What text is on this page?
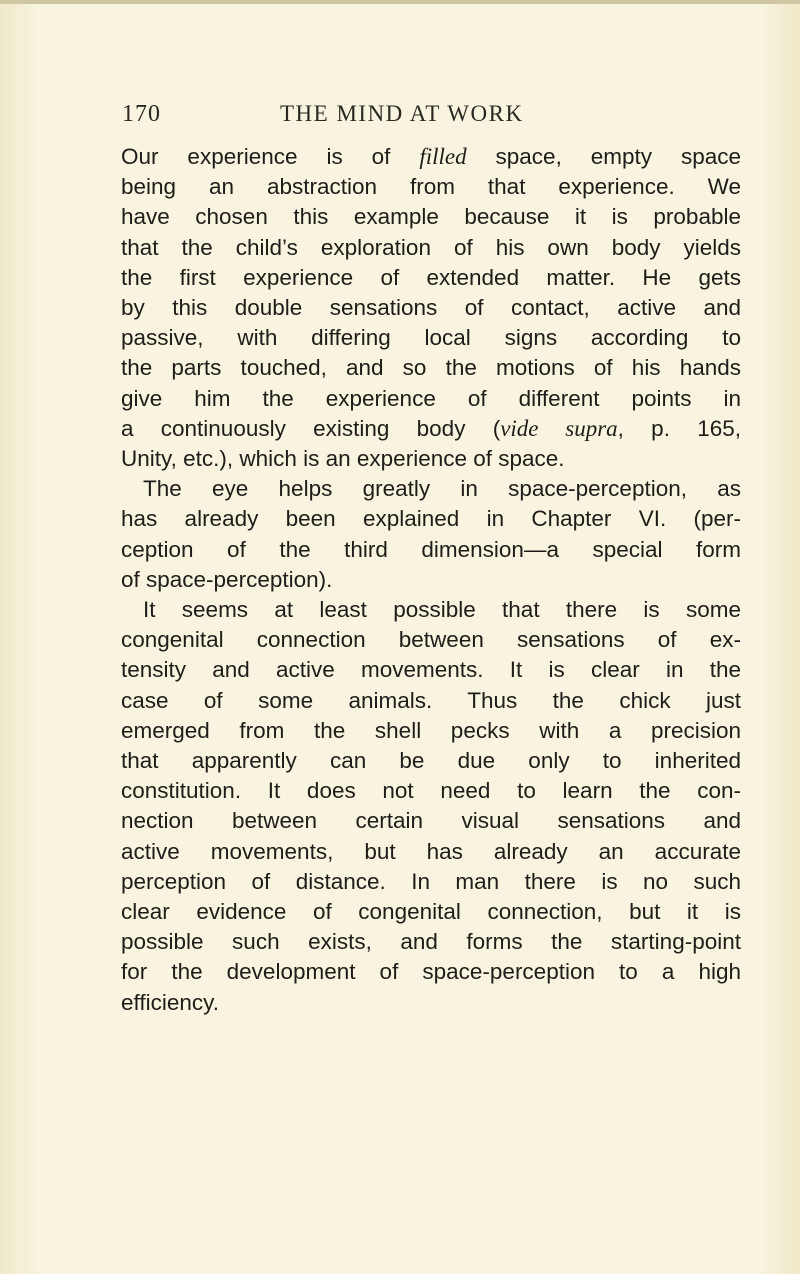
170	THE MIND AT WORK
Our experience is of filled space, empty space
being an abstraction from that experience. We
have chosen this example because it is probable
that the child’s exploration of his own body yields
the first experience of extended matter. He gets
by this double sensations of contact, active and
passive, with differing local signs according to
the parts touched, and so the motions of his hands
give him the experience of different points in
a continuously existing body (vide supra, p. 165,
Unity, etc.), which is an experience of space.
The eye helps greatly in space-perception, as
has already been explained in Chapter VI. (per-
ception of the third dimension—a special form
of space-perception).
It seems at least possible that there is some
congenital connection between sensations of ex-
tensity and active movements. It is clear in the
case of some animals. Thus the chick just
emerged from the shell pecks with a precision
that apparently can be due only to inherited
constitution. It does not need to learn the con-
nection between certain visual sensations and
active movements, but has already an accurate
perception of distance. In man there is no such
clear evidence of congenital connection, but it is
possible such exists, and forms the starting-point
for the development of space-perception to a high
efficiency.
